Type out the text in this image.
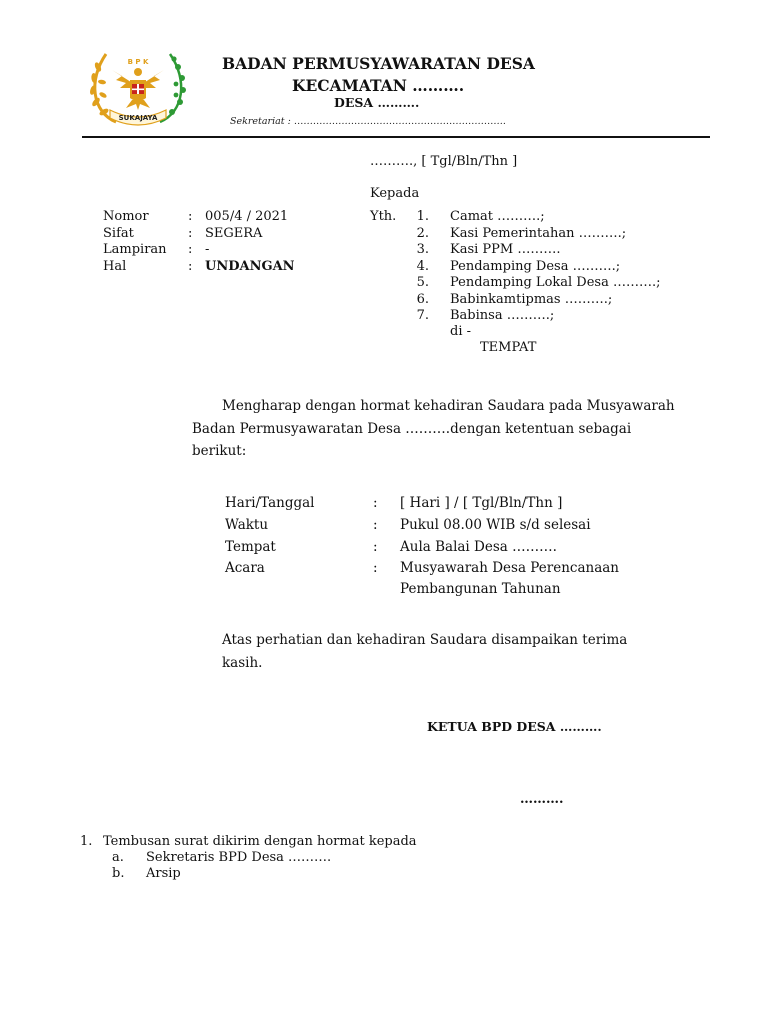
B P K
SUKAJAYA
BADAN PERMUSYAWARATAN DESA
KECAMATAN ……….
DESA ……….
Sekretariat : ………………………………………………………….
………., [ Tgl/Bln/Thn ]
Kepada
Yth.	1. Camat ……….;
2. Kasi Pemerintahan ……….;
3. Kasi PPM ……….
4. Pendamping Desa ……….;
5. Pendamping Lokal Desa ……….;
6. Babinkamtipmas ……….;
7. Babinsa ……….;
di -
TEMPAT
Nomor	: 005/4 / 2021
Sifat	: SEGERA
Lampiran : -
Hal	: UNDANGAN
Mengharap dengan hormat kehadiran Saudara pada Musyawarah
Badan Permusyawaratan Desa ……….dengan ketentuan sebagai
berikut:
Hari/Tanggal	: [ Hari ] / [ Tgl/Bln/Thn ]
Waktu	: Pukul 08.00 WIB s/d selesai
Tempat	: Aula Balai Desa ……….
Acara	: Musyawarah Desa Perencanaan
Pembangunan Tahunan
Atas perhatian dan kehadiran Saudara disampaikan terima
kasih.
KETUA BPD DESA ……….
……….
1. Tembusan surat dikirim dengan hormat kepada
a. Sekretaris BPD Desa ……….
b. Arsip
